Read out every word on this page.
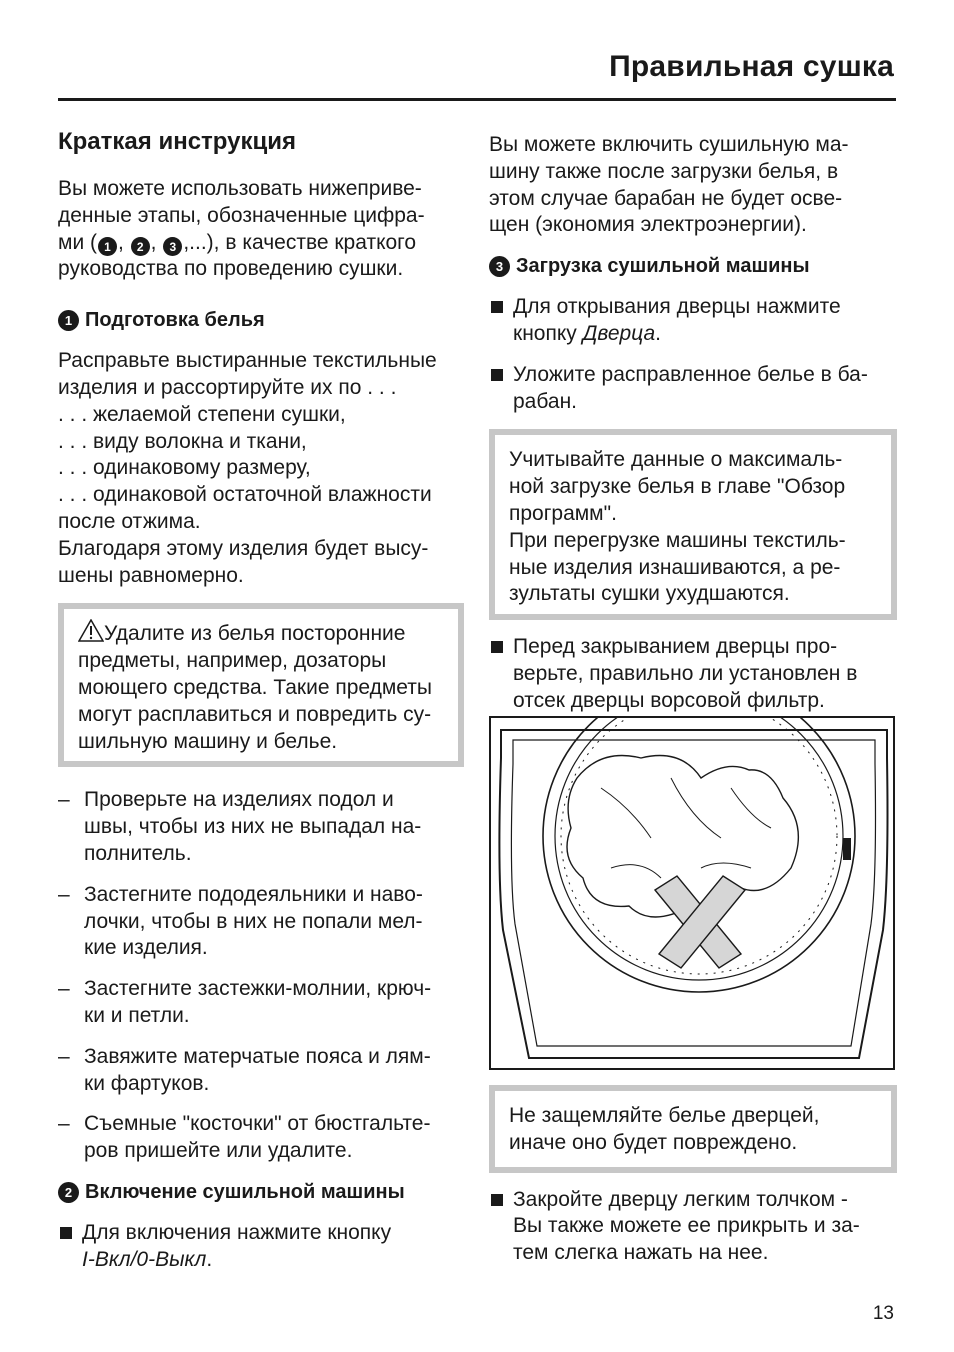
Правильная сушка
Краткая инструкция

Вы можете использовать нижеприве-
денные этапы, обозначенные цифра-
ми ( 1 , 2 , 3 ,...), в качестве краткого
руководства по проведению сушки.

1 Подготовка белья

Расправьте выстиранные текстильные
изделия и рассортируйте их по . . .
. . . желаемой степени сушки,
. . . виду волокна и ткани,
. . . одинаковому размеру,
. . . одинаковой остаточной влажности
после отжима.
Благодаря этому изделия будет высу-
шены равномерно.

Удалите из белья посторонние
предметы, например, дозаторы
моющего средства. Такие предметы
могут расплавиться и повредить су-
шильную машину и белье.

– Проверьте на изделиях подол и
швы, чтобы из них не выпадал на-
полнитель.
– Застегните пододеяльники и наво-
лочки, чтобы в них не попали мел-
кие изделия.
– Застегните застежки-молнии, крюч-
ки и петли.
– Завяжите матерчатые пояса и лям-
ки фартуков.
– Съемные "косточки" от бюстгальте-
ров пришейте или удалите.
2 Включение сушильной машины
Для включения нажмите кнопку
I-Вкл/0-Выкл.

Вы можете включить сушильную ма-
шину также после загрузки белья, в
этом случае барабан не будет осве-
щен (экономия электроэнергии).

3 Загрузка сушильной машины
Для открывания дверцы нажмите
кнопку Дверца.
Уложите расправленное белье в ба-
рабан.

Учитывайте данные о максималь-
ной загрузке белья в главе "Обзор
программ".
При перегрузке машины текстиль-
ные изделия изнашиваются, а ре-
зультаты сушки ухудшаются.

Перед закрыванием дверцы про-
верьте, правильно ли установлен в
отсек дверцы ворсовой фильтр.

Не защемляйте белье дверцей,
иначе оно будет повреждено.

Закройте дверцу легким толчком -
Вы также можете ее прикрыть и за-
тем слегка нажать на нее.
13
